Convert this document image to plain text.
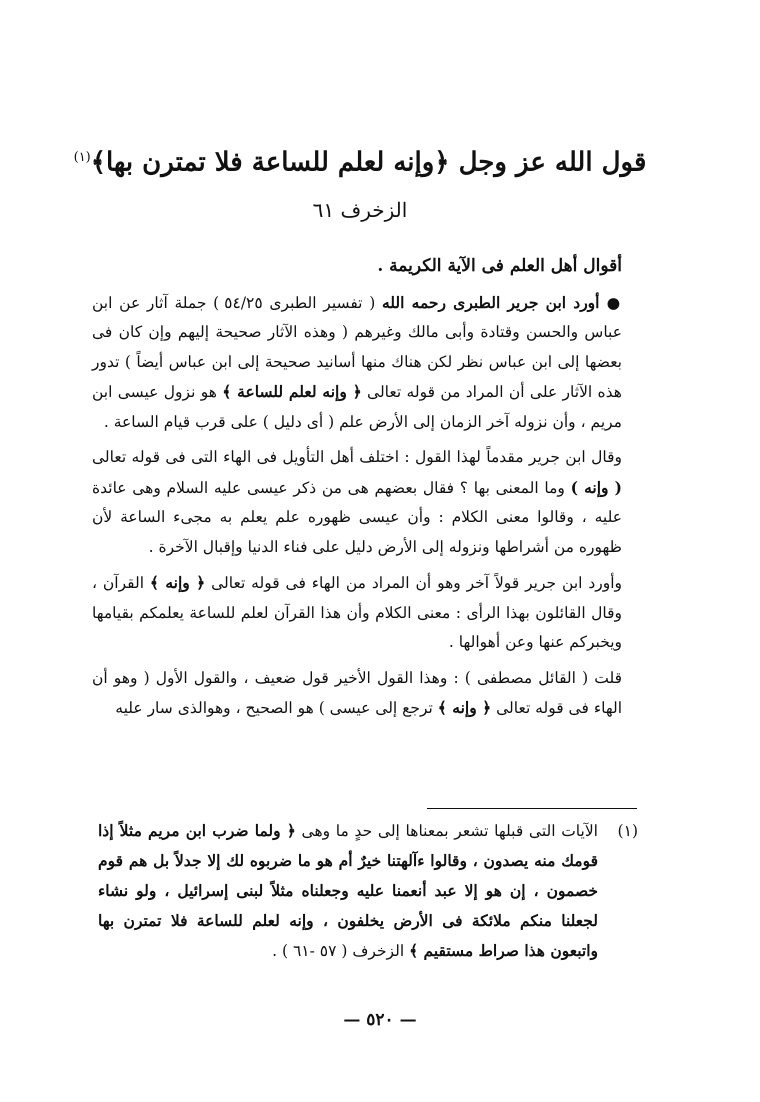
قول الله عز وجل ﴿وإنه لعلم للساعة فلا تمترن بها﴾$^{(١)}$
الزخرف ٦١

أقوال أهل العلم فى الآية الكريمة .

● أورد ابن جرير الطبرى رحمه الله ( تفسير الطبرى ٥٤/٢٥ ) جملة آثار عن ابن عباس والحسن وقتادة وأبى مالك وغيرهم ( وهذه الآثار صحيحة إليهم وإن كان فى بعضها إلى ابن عباس نظر لكن هناك منها أسانيد صحيحة إلى ابن عباس أيضاً ) تدور هذه الآثار على أن المراد من قوله تعالى ﴿ وإنه لعلم للساعة ﴾ هو نزول عيسى ابن مريم ، وأن نزوله آخر الزمان إلى الأرض علم ( أى دليل ) على قرب قيام الساعة .

وقال ابن جرير مقدماً لهذا القول : اختلف أهل التأويل فى الهاء التى فى قوله تعالى ( وإنه ) وما المعنى بها ؟ فقال بعضهم هى من ذكر عيسى عليه السلام وهى عائدة عليه ، وقالوا معنى الكلام : وأن عيسى ظهوره علم يعلم به مجىء الساعة لأن ظهوره من أشراطها ونزوله إلى الأرض دليل على فناء الدنيا وإقبال الآخرة .

وأورد ابن جرير قولاً آخر وهو أن المراد من الهاء فى قوله تعالى ﴿ وإنه ﴾ القرآن ، وقال القائلون بهذا الرأى : معنى الكلام وأن هذا القرآن لعلم للساعة يعلمكم بقيامها ويخبركم عنها وعن أهوالها .

قلت ( القائل مصطفى ) : وهذا القول الأخير قول ضعيف ، والقول الأول ( وهو أن الهاء فى قوله تعالى ﴿ وإنه ﴾ ترجع إلى عيسى ) هو الصحيح ، وهوالذى سار عليه

(١)
الآيات التى قبلها تشعر بمعناها إلى حدٍ ما وهى ﴿ ولما ضرب ابن مريم مثلاً إذا قومك منه يصدون ، وقالوا ءآلهتنا خيرٌ أم هو ما ضربوه لك إلا جدلاً بل هم قوم خصمون ، إن هو إلا عبد أنعمنا عليه وجعلناه مثلاً لبنى إسرائيل ، ولو نشاء لجعلنا منكم ملائكة فى الأرض يخلفون ، وإنه لعلم للساعة فلا تمترن بها واتبعون هذا صراط مستقيم ﴾ الزخرف ( ٥٧ -٦١ ) .
— ٥٢٠ —
